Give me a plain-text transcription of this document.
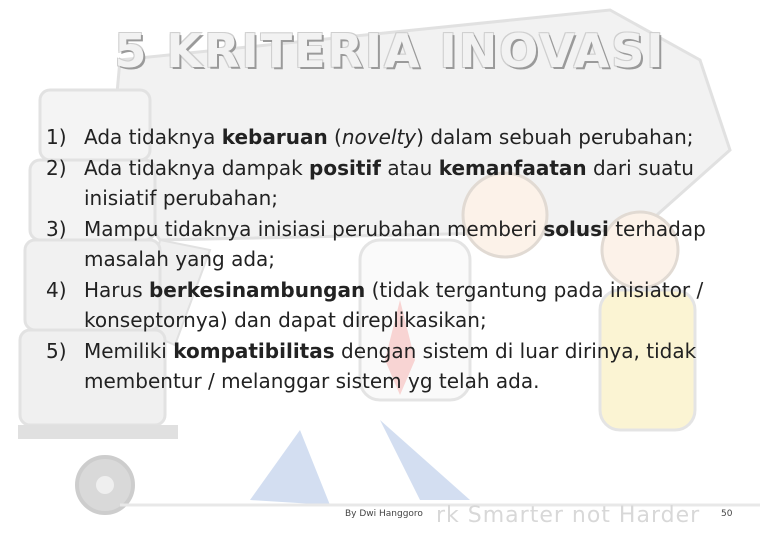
5 KRITERIA INOVASI
1) Ada tidaknya kebaruan (novelty) dalam sebuah perubahan;
2) Ada tidaknya dampak positif atau kemanfaatan dari suatu inisiatif perubahan;
3) Mampu tidaknya inisiasi perubahan memberi solusi terhadap masalah yang ada;
4) Harus berkesinambungan (tidak tergantung pada inisiator / konseptornya) dan dapat direplikasikan;
5) Memiliki kompatibilitas dengan sistem di luar dirinya, tidak membentur / melanggar sistem yg telah ada.
rk Smarter not Harder
By Dwi Hanggoro	50
